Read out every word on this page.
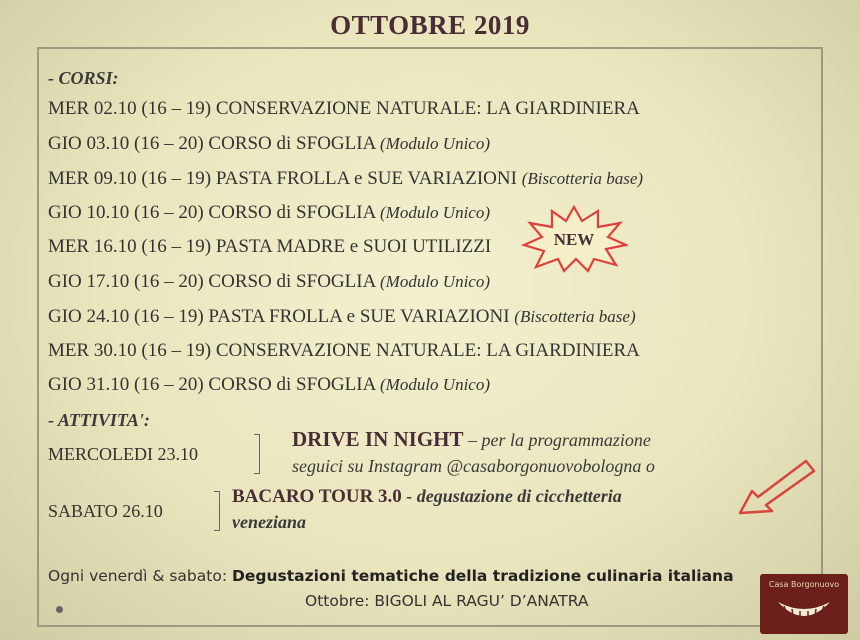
OTTOBRE 2019
- CORSI:
MER 02.10 (16 – 19) CONSERVAZIONE NATURALE: LA GIARDINIERA
GIO 03.10 (16 – 20) CORSO di SFOGLIA (Modulo Unico)
MER 09.10 (16 – 19) PASTA FROLLA e SUE VARIAZIONI (Biscotteria base)
GIO 10.10 (16 – 20) CORSO di SFOGLIA (Modulo Unico)
MER 16.10 (16 – 19) PASTA MADRE e SUOI UTILIZZI
GIO 17.10 (16 – 20) CORSO di SFOGLIA (Modulo Unico)
GIO 24.10 (16 – 19) PASTA FROLLA e SUE VARIAZIONI (Biscotteria base)
MER 30.10 (16 – 19) CONSERVAZIONE NATURALE: LA GIARDINIERA
GIO 31.10 (16 – 20) CORSO di SFOGLIA (Modulo Unico)
NEW
- ATTIVITA':
MERCOLEDI 23.10
DRIVE IN NIGHT – per la programmazione
seguici su Instagram @casaborgonuovobologna o
SABATO 26.10
BACARO TOUR 3.0 - degustazione di cicchetteria
veneziana
Ogni venerdì & sabato: Degustazioni tematiche della tradizione culinaria italiana
Ottobre: BIGOLI AL RAGU’ D’ANATRA
Casa Borgonuovo
